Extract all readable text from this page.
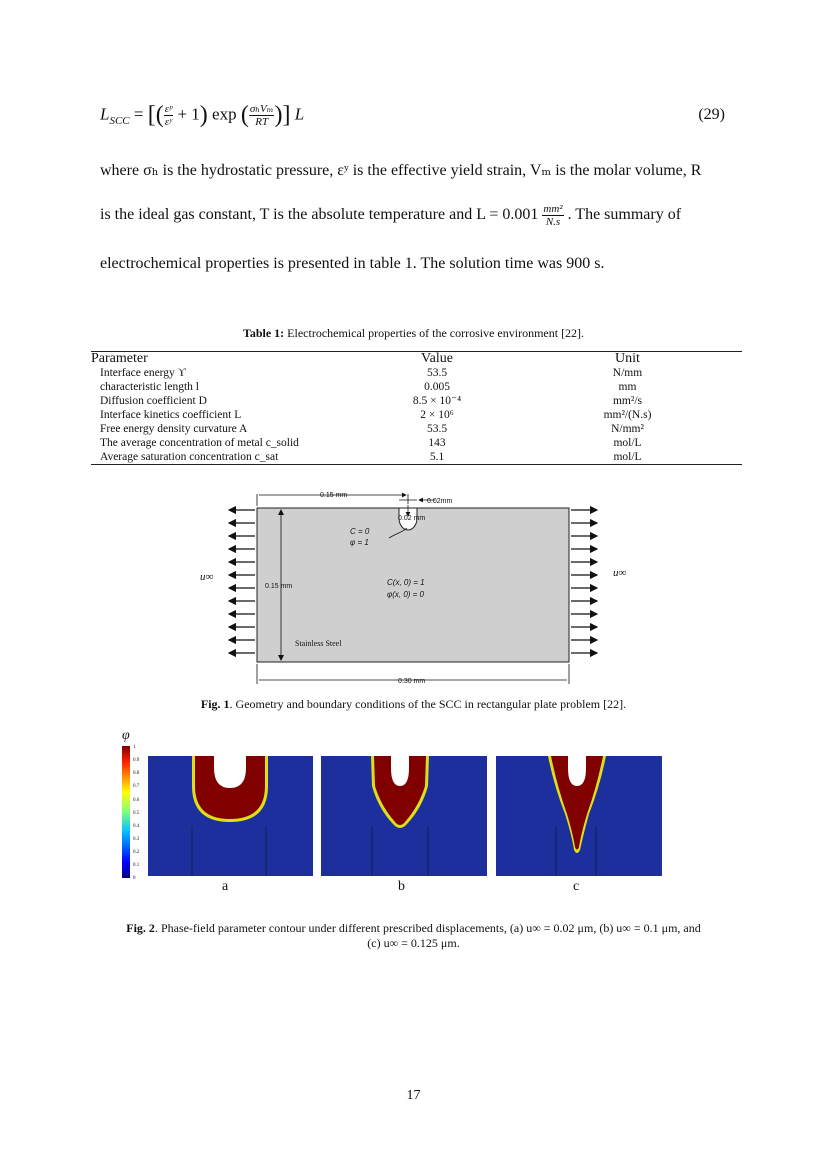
$L_{SCC}$ = [( $\frac{\text{εᵖ}}{\text{εʸ}} + 1$) exp ( $\frac{\text{σₕVₘ}}{RT}$ )] L	(29)
where σₕ is the hydrostatic pressure, εʸ is the effective yield strain, Vₘ is the molar volume, R
is the ideal gas constant, T is the absolute temperature and $L = 0.001 \frac{\text{mm²}}{N.s}$ . The summary of
electrochemical properties is presented in table 1. The solution time was 900 s.
Table 1: Electrochemical properties of the corrosive environment [22].
Parameter	Value	Unit
Interface energy ϒ	53.5	N/mm
characteristic length l	0.005	mm
Diffusion coefficient D	8.5 × 10⁻⁴	mm²/s
Interface kinetics coefficient L	2 × 10⁶	mm²/(N.s)
Free energy density curvature A	53.5	N/mm²
The average concentration of metal c_solid	143	mol/L
Average saturation concentration c_sat	5.1	mol/L
0.15 mm
0.02mm
0.02 mm
C = 0
φ = 1
C(x, 0) = 1
φ(x, 0) = 0
0.15 mm
Stainless Steel
0.30 mm
u∞	u∞
Fig. 1. Geometry and boundary conditions of the SCC in rectangular plate problem [22].
φ
1
0.9
0.8
0.7
0.6
0.5
0.4
0.3
0.2
0.1
0
a	b	c
Fig. 2. Phase-field parameter contour under different prescribed displacements, (a) u∞ = 0.02 μm, (b) u∞ = 0.1 μm, and
(c) u∞ = 0.125 μm.
17
